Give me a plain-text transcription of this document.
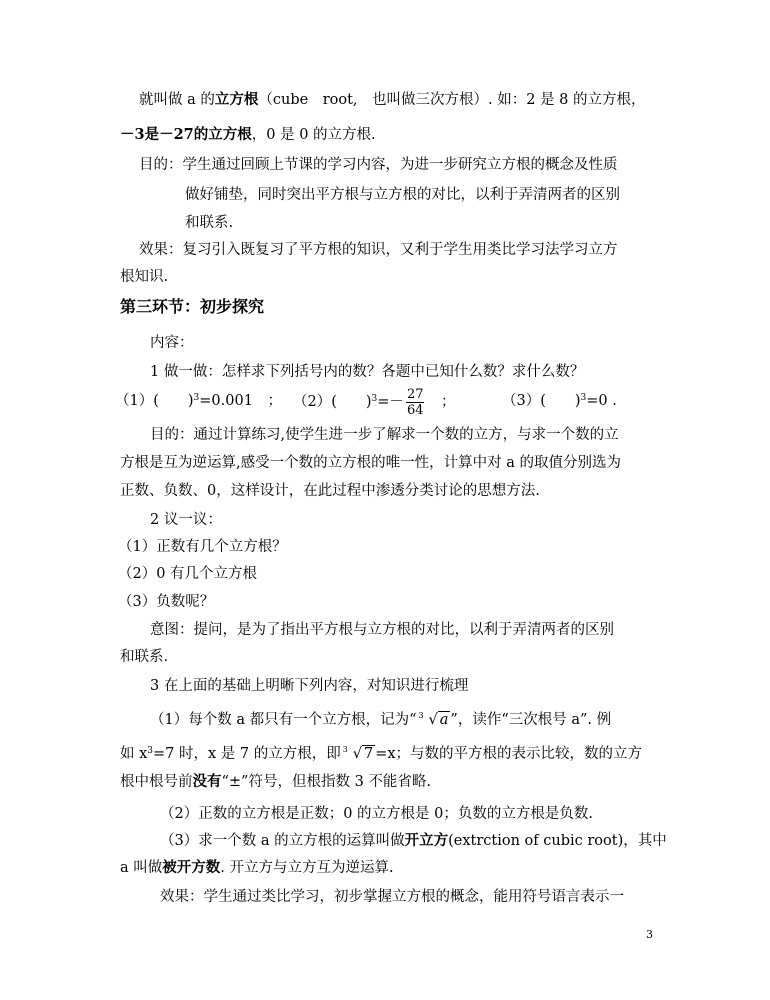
就叫做 a 的立方根（cube　root,　也叫做三次方根）. 如：2 是 8 的立方根，
－3是－27的立方根，0 是 0 的立方根.
目的：学生通过回顾上节课的学习内容，为进一步研究立方根的概念及性质
做好铺垫，同时突出平方根与立方根的对比，以利于弄清两者的区别
和联系.
效果：复习引入既复习了平方根的知识，又利于学生用类比学习法学习立方
根知识.
第三环节：初步探究
内容：
1 做一做：怎样求下列括号内的数？各题中已知什么数？求什么数？
（1）(　　)$^3$=0.001　； （2）(　　)$^3=- \frac{27}{64}$
　 ；	（3）(　　)$^3$=0 .
目的：通过计算练习,使学生进一步了解求一个数的立方，与求一个数的立
方根是互为逆运算,感受一个数的立方根的唯一性，计算中对 a 的取值分别选为
正数、负数、0，这样设计，在此过程中渗透分类讨论的思想方法.
2 议一议：
（1）正数有几个立方根？
（2）0 有几个立方根
（3）负数呢？
意图：提问，是为了指出平方根与立方根的对比，以利于弄清两者的区别
和联系.
3 在上面的基础上明晰下列内容，对知识进行梳理
（1）每个数 a 都只有一个立方根，记为“ 3 √ a ”，读作“三次根号 a”. 例
如 $x^3=7$ 时，x 是 7 的立方根，即 3 √ 7 =x；与数的平方根的表示比较，数的立方
根中根号前没有“±”符号，但根指数 3 不能省略.
（2）正数的立方根是正数；0 的立方根是 0；负数的立方根是负数.
（3）求一个数 a 的立方根的运算叫做开立方(extrction of cubic root)，其中
a 叫做被开方数. 开立方与立方互为逆运算.
效果：学生通过类比学习，初步掌握立方根的概念，能用符号语言表示一
3
